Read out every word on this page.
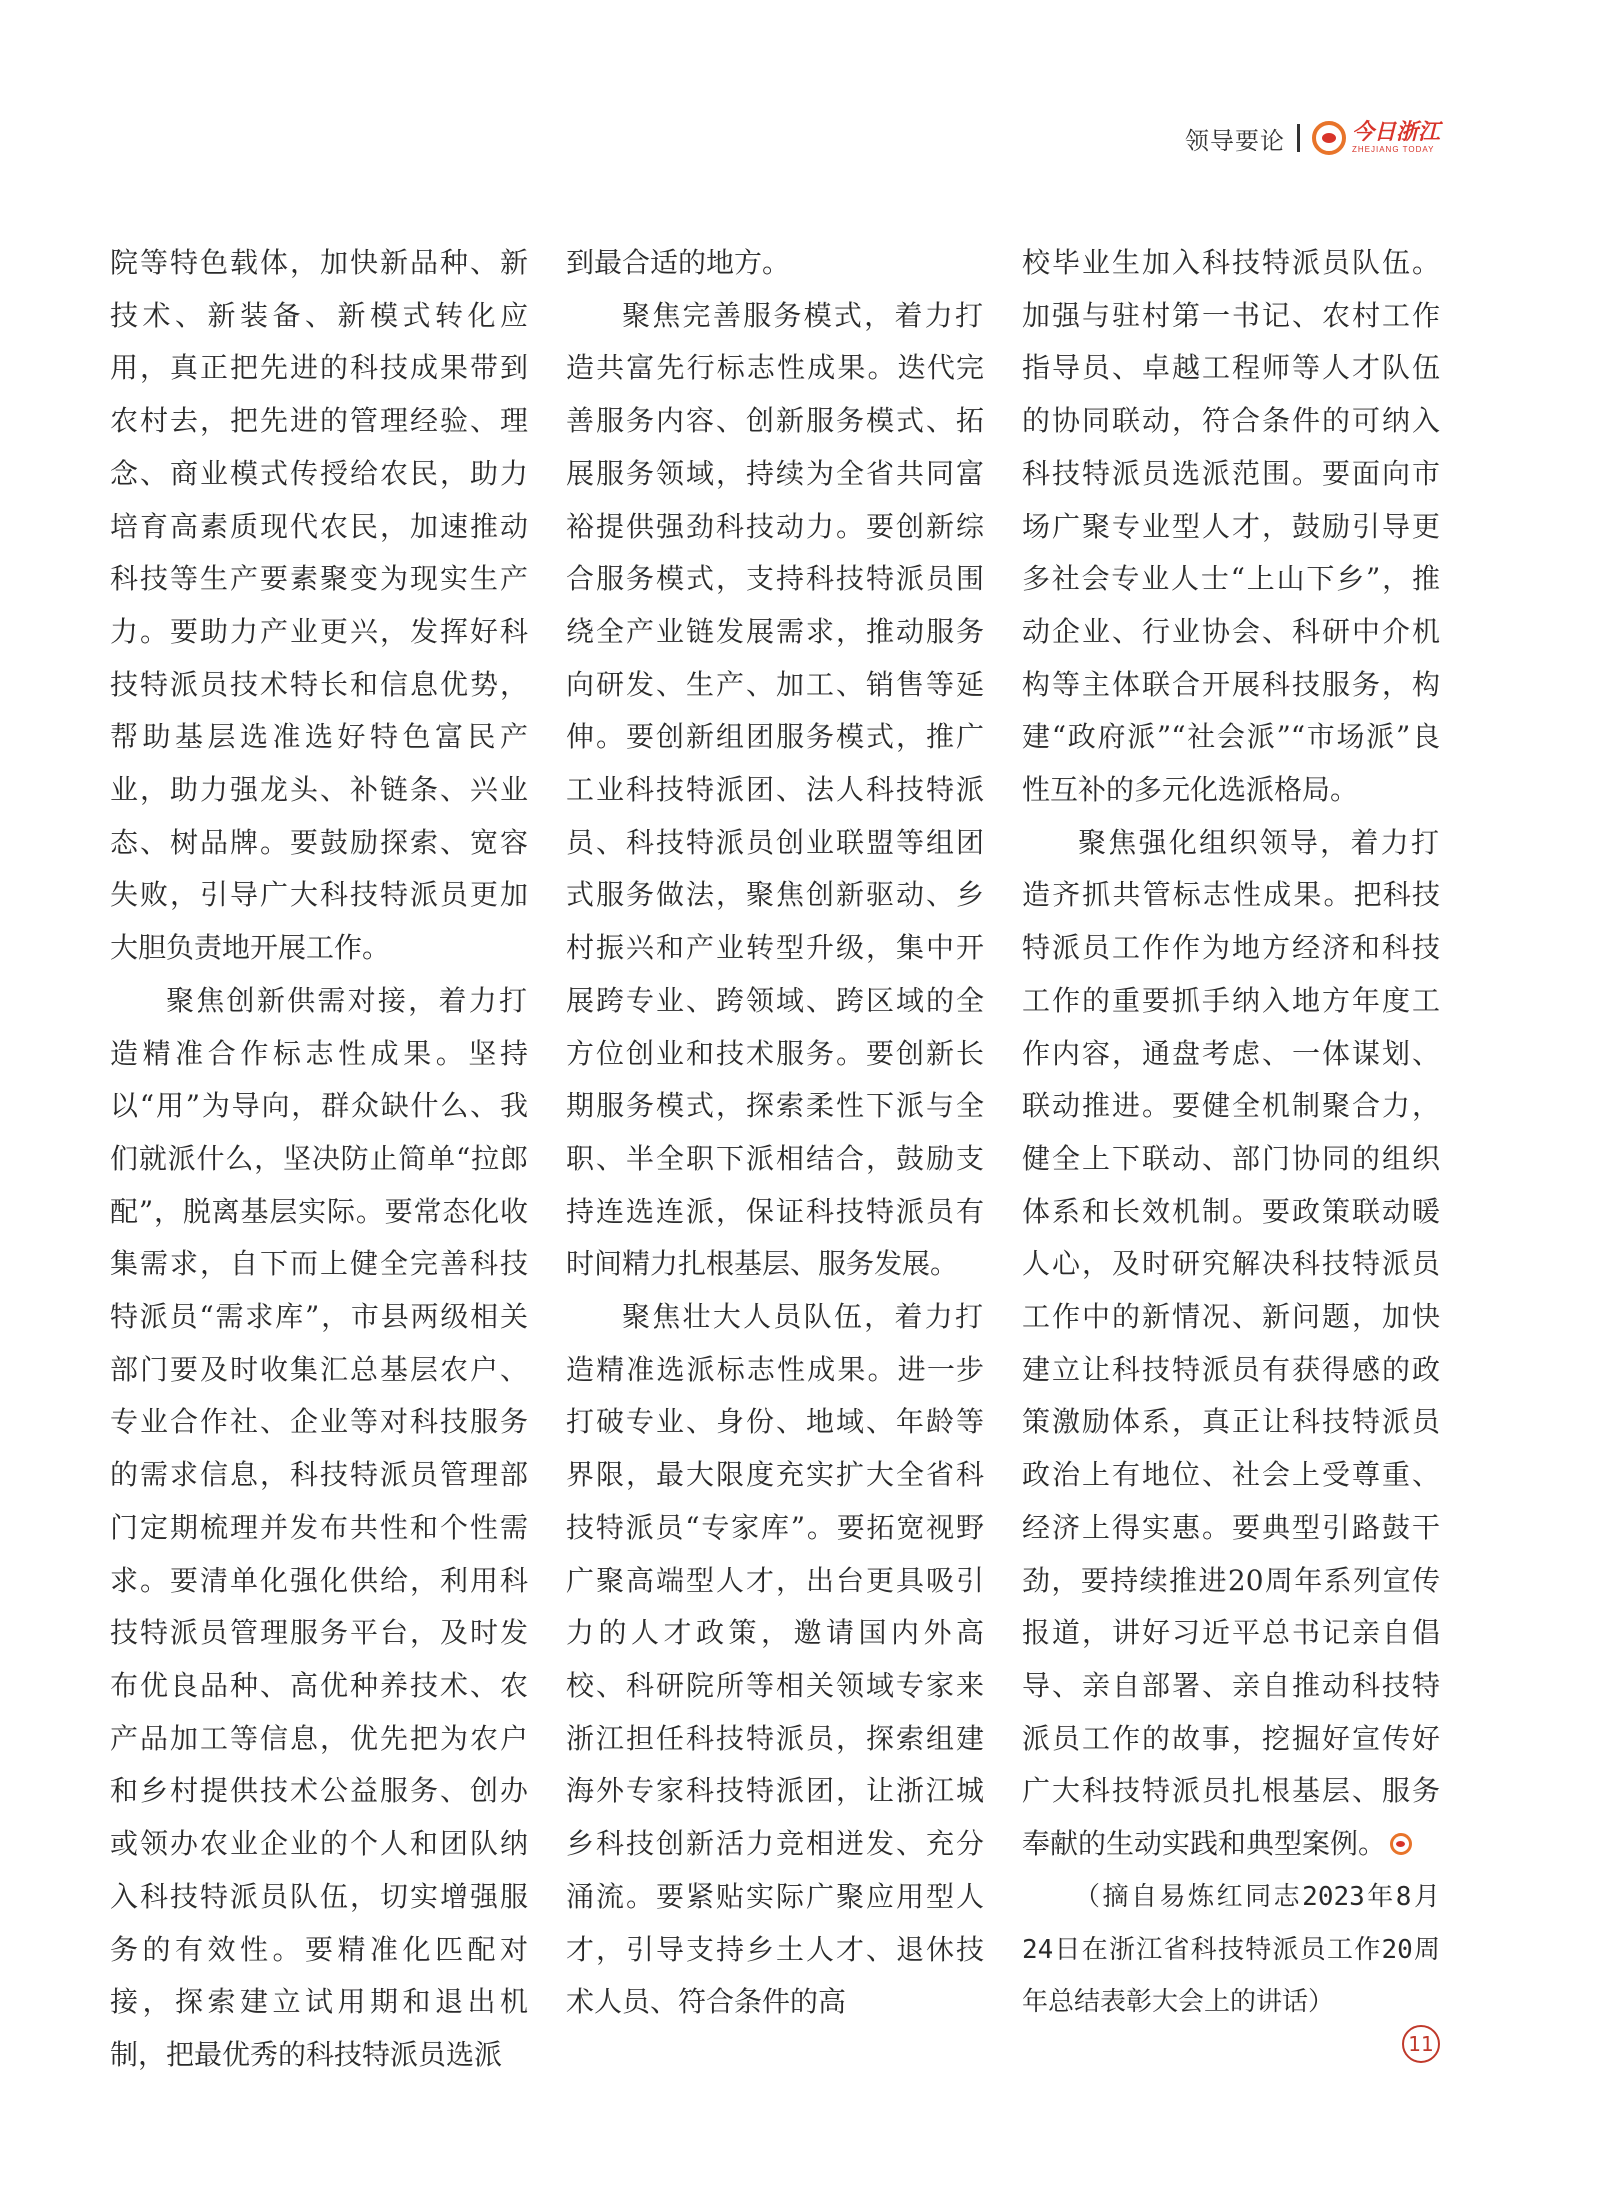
领导要论	今日浙江
ZHEJIANG TODAY

院等特色载体，加快新品种、新技术、新装备、新模式转化应用，真正把先进的科技成果带到农村去，把先进的管理经验、理念、商业模式传授给农民，助力培育高素质现代农民，加速推动科技等生产要素聚变为现实生产力。要助力产业更兴，发挥好科技特派员技术特长和信息优势，帮助基层选准选好特色富民产业，助力强龙头、补链条、兴业态、树品牌。要鼓励探索、宽容失败，引导广大科技特派员更加大胆负责地开展工作。

聚焦创新供需对接，着力打造精准合作标志性成果。坚持以“用”为导向，群众缺什么、我们就派什么，坚决防止简单“拉郎配”，脱离基层实际。要常态化收集需求，自下而上健全完善科技特派员“需求库”，市县两级相关部门要及时收集汇总基层农户、专业合作社、企业等对科技服务的需求信息，科技特派员管理部门定期梳理并发布共性和个性需求。要清单化强化供给，利用科技特派员管理服务平台，及时发布优良品种、高优种养技术、农产品加工等信息，优先把为农户和乡村提供技术公益服务、创办或领办农业企业的个人和团队纳入科技特派员队伍，切实增强服务的有效性。要精准化匹配对接，探索建立试用期和退出机制，把最优秀的科技特派员选派

到最合适的地方。

聚焦完善服务模式，着力打造共富先行标志性成果。迭代完善服务内容、创新服务模式、拓展服务领域，持续为全省共同富裕提供强劲科技动力。要创新综合服务模式，支持科技特派员围绕全产业链发展需求，推动服务向研发、生产、加工、销售等延伸。要创新组团服务模式，推广工业科技特派团、法人科技特派员、科技特派员创业联盟等组团式服务做法，聚焦创新驱动、乡村振兴和产业转型升级，集中开展跨专业、跨领域、跨区域的全方位创业和技术服务。要创新长期服务模式，探索柔性下派与全职、半全职下派相结合，鼓励支持连选连派，保证科技特派员有时间精力扎根基层、服务发展。

聚焦壮大人员队伍，着力打造精准选派标志性成果。进一步打破专业、身份、地域、年龄等界限，最大限度充实扩大全省科技特派员“专家库”。要拓宽视野广聚高端型人才，出台更具吸引力的人才政策，邀请国内外高校、科研院所等相关领域专家来浙江担任科技特派员，探索组建海外专家科技特派团，让浙江城乡科技创新活力竞相迸发、充分涌流。要紧贴实际广聚应用型人才，引导支持乡土人才、退休技术人员、符合条件的高

校毕业生加入科技特派员队伍。加强与驻村第一书记、农村工作指导员、卓越工程师等人才队伍的协同联动，符合条件的可纳入科技特派员选派范围。要面向市场广聚专业型人才，鼓励引导更多社会专业人士“上山下乡”，推动企业、行业协会、科研中介机构等主体联合开展科技服务，构建“政府派”“社会派”“市场派”良性互补的多元化选派格局。

聚焦强化组织领导，着力打造齐抓共管标志性成果。把科技特派员工作作为地方经济和科技工作的重要抓手纳入地方年度工作内容，通盘考虑、一体谋划、联动推进。要健全机制聚合力，健全上下联动、部门协同的组织体系和长效机制。要政策联动暖人心，及时研究解决科技特派员工作中的新情况、新问题，加快建立让科技特派员有获得感的政策激励体系，真正让科技特派员政治上有地位、社会上受尊重、经济上得实惠。要典型引路鼓干劲，要持续推进20周年系列宣传报道，讲好习近平总书记亲自倡导、亲自部署、亲自推动科技特派员工作的故事，挖掘好宣传好广大科技特派员扎根基层、服务奉献的生动实践和典型案例。

（摘自易炼红同志2023年8月24日在浙江省科技特派员工作20周年总结表彰大会上的讲话）

11
